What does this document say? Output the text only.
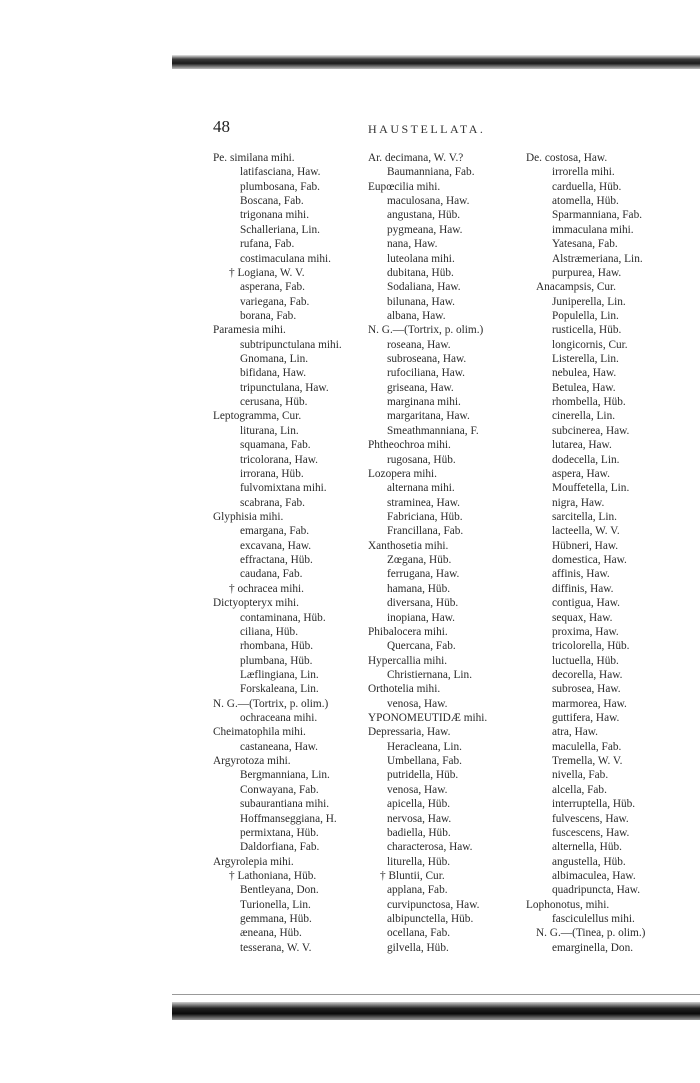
48	HAUSTELLATA.
Pe. similana mihi.
latifasciana, Haw.
plumbosana, Fab.
Boscana, Fab.
trigonana mihi.
Schalleriana, Lin.
rufana, Fab.
costimaculana mihi.
† Logiana, W. V.
asperana, Fab.
variegana, Fab.
borana, Fab.
Paramesia mihi.
subtripunctulana mihi.
Gnomana, Lin.
bifidana, Haw.
tripunctulana, Haw.
cerusana, Hüb.
Leptogramma, Cur.
liturana, Lin.
squamana, Fab.
tricolorana, Haw.
irrorana, Hüb.
fulvomixtana mihi.
scabrana, Fab.
Glyphisia mihi.
emargana, Fab.
excavana, Haw.
effractana, Hüb.
caudana, Fab.
† ochracea mihi.
Dictyopteryx mihi.
contaminana, Hüb.
ciliana, Hüb.
rhombana, Hüb.
plumbana, Hüb.
Læflingiana, Lin.
Forskaleana, Lin.
N. G.—(Tortrix, p. olim.)
ochraceana mihi.
Cheimatophila mihi.
castaneana, Haw.
Argyrotoza mihi.
Bergmanniana, Lin.
Conwayana, Fab.
subaurantiana mihi.
Hoffmanseggiana, H.
permixtana, Hüb.
Daldorfiana, Fab.
Argyrolepia mihi.
† Lathoniana, Hüb.
Bentleyana, Don.
Turionella, Lin.
gemmana, Hüb.
æneana, Hüb.
tesserana, W. V.
Ar. decimana, W. V.?
Baumanniana, Fab.
Eupœcilia mihi.
maculosana, Haw.
angustana, Hüb.
pygmeana, Haw.
nana, Haw.
luteolana mihi.
dubitana, Hüb.
Sodaliana, Haw.
bilunana, Haw.
albana, Haw.
N. G.—(Tortrix, p. olim.)
roseana, Haw.
subroseana, Haw.
rufociliana, Haw.
griseana, Haw.
marginana mihi.
margaritana, Haw.
Smeathmanniana, F.
Phtheochroa mihi.
rugosana, Hüb.
Lozopera mihi.
alternana mihi.
straminea, Haw.
Fabriciana, Hüb.
Francillana, Fab.
Xanthosetia mihi.
Zœgana, Hüb.
ferrugana, Haw.
hamana, Hüb.
diversana, Hüb.
inopiana, Haw.
Phibalocera mihi.
Quercana, Fab.
Hypercallia mihi.
Christiernana, Lin.
Orthotelia mihi.
venosa, Haw.
YPONOMEUTIDÆ mihi.
Depressaria, Haw.
Heracleana, Lin.
Umbellana, Fab.
putridella, Hüb.
venosa, Haw.
apicella, Hüb.
nervosa, Haw.
badiella, Hüb.
characterosa, Haw.
liturella, Hüb.
† Bluntii, Cur.
applana, Fab.
curvipunctosa, Haw.
albipunctella, Hüb.
ocellana, Fab.
gilvella, Hüb.
De. costosa, Haw.
irrorella mihi.
carduella, Hüb.
atomella, Hüb.
Sparmanniana, Fab.
immaculana mihi.
Yatesana, Fab.
Alstræmeriana, Lin.
purpurea, Haw.
Anacampsis, Cur.
Juniperella, Lin.
Populella, Lin.
rusticella, Hüb.
longicornis, Cur.
Listerella, Lin.
nebulea, Haw.
Betulea, Haw.
rhombella, Hüb.
cinerella, Lin.
subcinerea, Haw.
lutarea, Haw.
dodecella, Lin.
aspera, Haw.
Mouffetella, Lin.
nigra, Haw.
sarcitella, Lin.
lacteella, W. V.
Hübneri, Haw.
domestica, Haw.
affinis, Haw.
diffinis, Haw.
contigua, Haw.
sequax, Haw.
proxima, Haw.
tricolorella, Hüb.
luctuella, Hüb.
decorella, Haw.
subrosea, Haw.
marmorea, Haw.
guttifera, Haw.
atra, Haw.
maculella, Fab.
Tremella, W. V.
nivella, Fab.
alcella, Fab.
interruptella, Hüb.
fulvescens, Haw.
fuscescens, Haw.
alternella, Hüb.
angustella, Hüb.
albimaculea, Haw.
quadripuncta, Haw.
Lophonotus, mihi.
fasciculellus mihi.
N. G.—(Tinea, p. olim.)
emarginella, Don.
